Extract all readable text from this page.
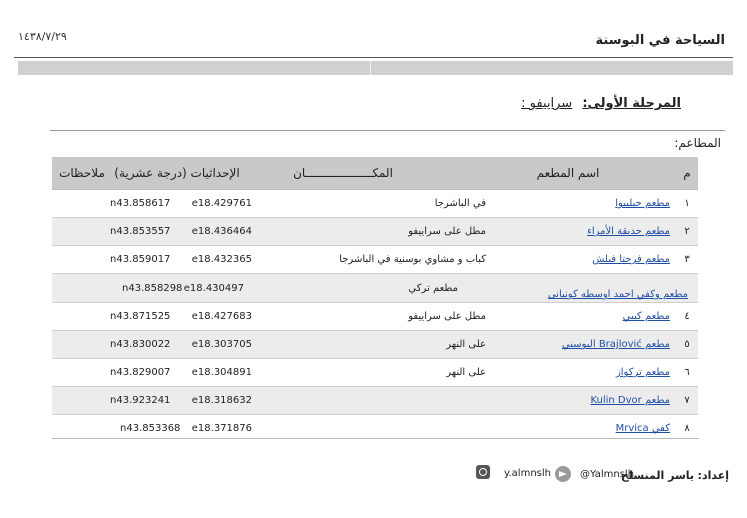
١٤٣٨/٧/٢٩	السياحة في البوسنة
المرحلة الأولى: سراييفو :
المطاعم:
م
اسم المطعم
المكـــــــــــــــــــان
الإحداثيات (درجة عشرية)
ملاحظات
١
مطعم جيليبوا
في الباشرجا
e18.429761
n43.858617
٢
مطعم حديقة الأمراء
مطل على سراييفو
e18.436464
n43.853557
٣
مطعم فرحتا فيلش
كباب و مشاوي بوسنية في الباشرجا
e18.432365
n43.859017
مطعم وكفي احمد اوسطه كونيانى
مطعم تركي
e18.430497
n43.858298
٤
مطعم كيبي
مطل على سراييفو
e18.427683
n43.871525
٥
مطعم Brajlović البوسني
على النهر
e18.303705
n43.830022
٦
مطعم تركواز
على النهر
e18.304891
n43.829007
٧
مطعم Kulin Dvor
e18.318632
n43.923241
٨
كفي Mrvica
e18.371876
n43.853368
إعداد: ياسر المنسلح
@Yalmnslh
y.almnslh
